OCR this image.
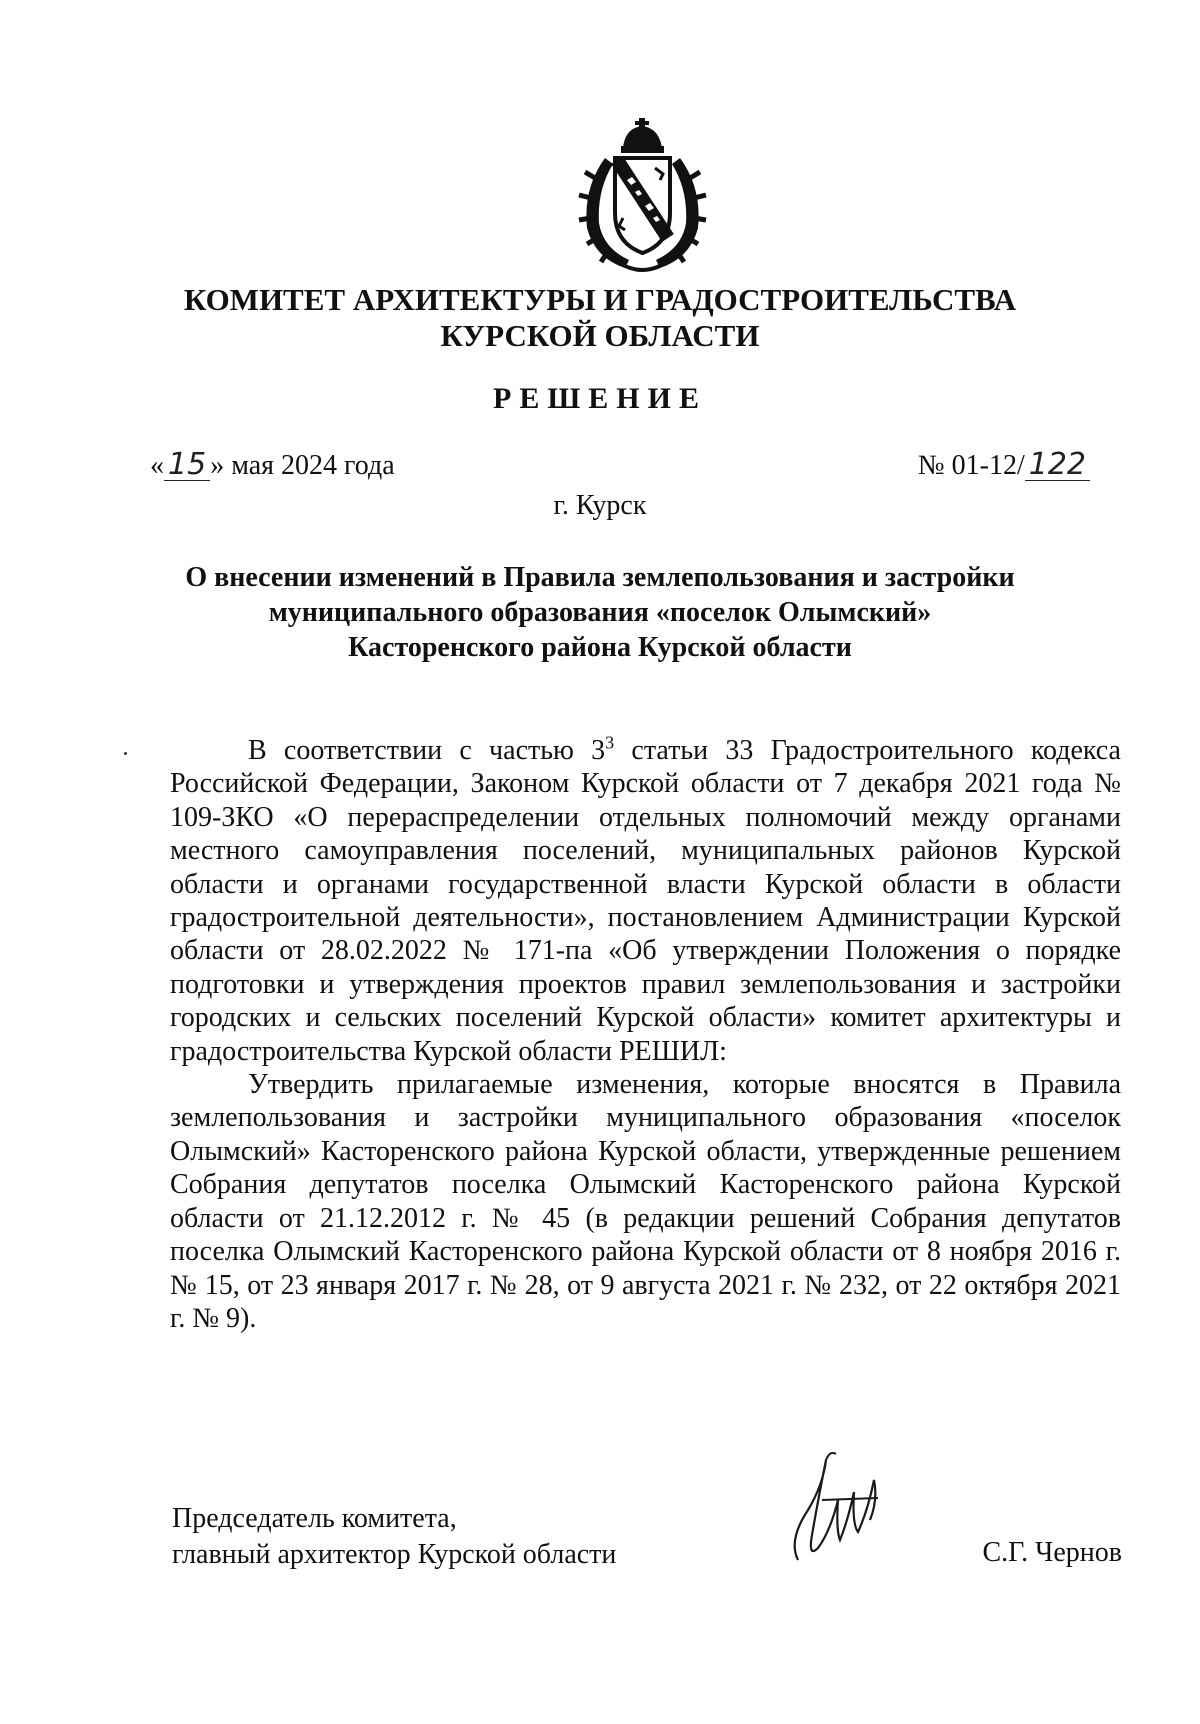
КОМИТЕТ АРХИТЕКТУРЫ И ГРАДОСТРОИТЕЛЬСТВА
КУРСКОЙ ОБЛАСТИ
РЕШЕНИЕ
« 15 » мая 2024 года	№ 01-12/ 122
г. Курск
О внесении изменений в Правила землепользования и застройки
муниципального образования «поселок Олымский»
Касторенского района Курской области

В соответствии с частью $3^3$ статьи 33 Градостроительного кодекса Российской Федерации, Законом Курской области от 7 декабря 2021 года № 109-ЗКО «О перераспределении отдельных полномочий между органами местного самоуправления поселений, муниципальных районов Курской области и органами государственной власти Курской области в области градостроительной деятельности», постановлением Администрации Курской области от 28.02.2022 № 171-па «Об утверждении Положения о порядке подготовки и утверждения проектов правил землепользования и застройки городских и сельских поселений Курской области» комитет архитектуры и градостроительства Курской области РЕШИЛ:

Утвердить прилагаемые изменения, которые вносятся в Правила землепользования и застройки муниципального образования «поселок Олымский» Касторенского района Курской области, утвержденные решением Собрания депутатов поселка Олымский Касторенского района Курской области от 21.12.2012 г. № 45 (в редакции решений Собрания депутатов поселка Олымский Касторенского района Курской области от 8 ноября 2016 г. № 15, от 23 января 2017 г. № 28, от 9 августа 2021 г. № 232, от 22 октября 2021 г. № 9).

Председатель комитета,
главный архитектор Курской области	С.Г. Чернов
